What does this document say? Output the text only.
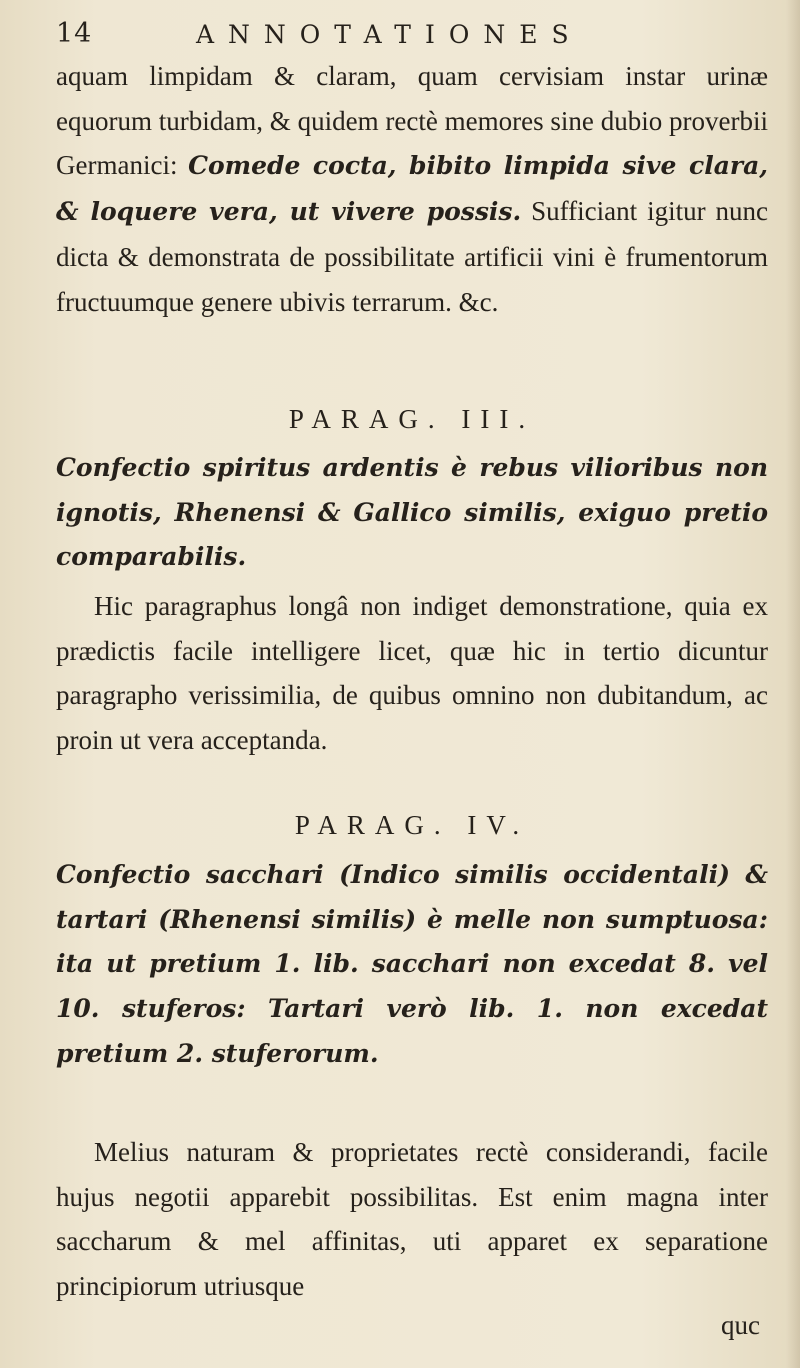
14	ANNOTATIONES
aquam limpidam & claram, quam cervisiam instar urinæ equorum turbidam, & quidem rectè memores sine dubio proverbii Germanici: Comede cocta, bibito limpida sive clara, & loquere vera, ut vivere possis. Sufficiant igitur nunc dicta & demonstrata de possibilitate artificii vini è frumentorum fructuumque genere ubivis terrarum. &c.
PARAG. III.
Confectio spiritus ardentis è rebus vilioribus non ignotis, Rhenensi & Gallico similis, exiguo pretio comparabilis.
Hic paragraphus longâ non indiget demonstratione, quia ex prædictis facile intelligere licet, quæ hic in tertio dicuntur paragrapho verissimilia, de quibus omnino non dubitandum, ac proin ut vera acceptanda.
PARAG. IV.
Confectio sacchari (Indico similis occidentali) & tartari (Rhenensi similis) è melle non sumptuosa: ita ut pretium 1. lib. sacchari non excedat 8. vel 10. stuferos: Tartari verò lib. 1. non excedat pretium 2. stuferorum.
Melius naturam & proprietates rectè considerandi, facile hujus negotii apparebit possibilitas. Est enim magna inter saccharum & mel affinitas, uti apparet ex separatione principiorum utriusque
quc
